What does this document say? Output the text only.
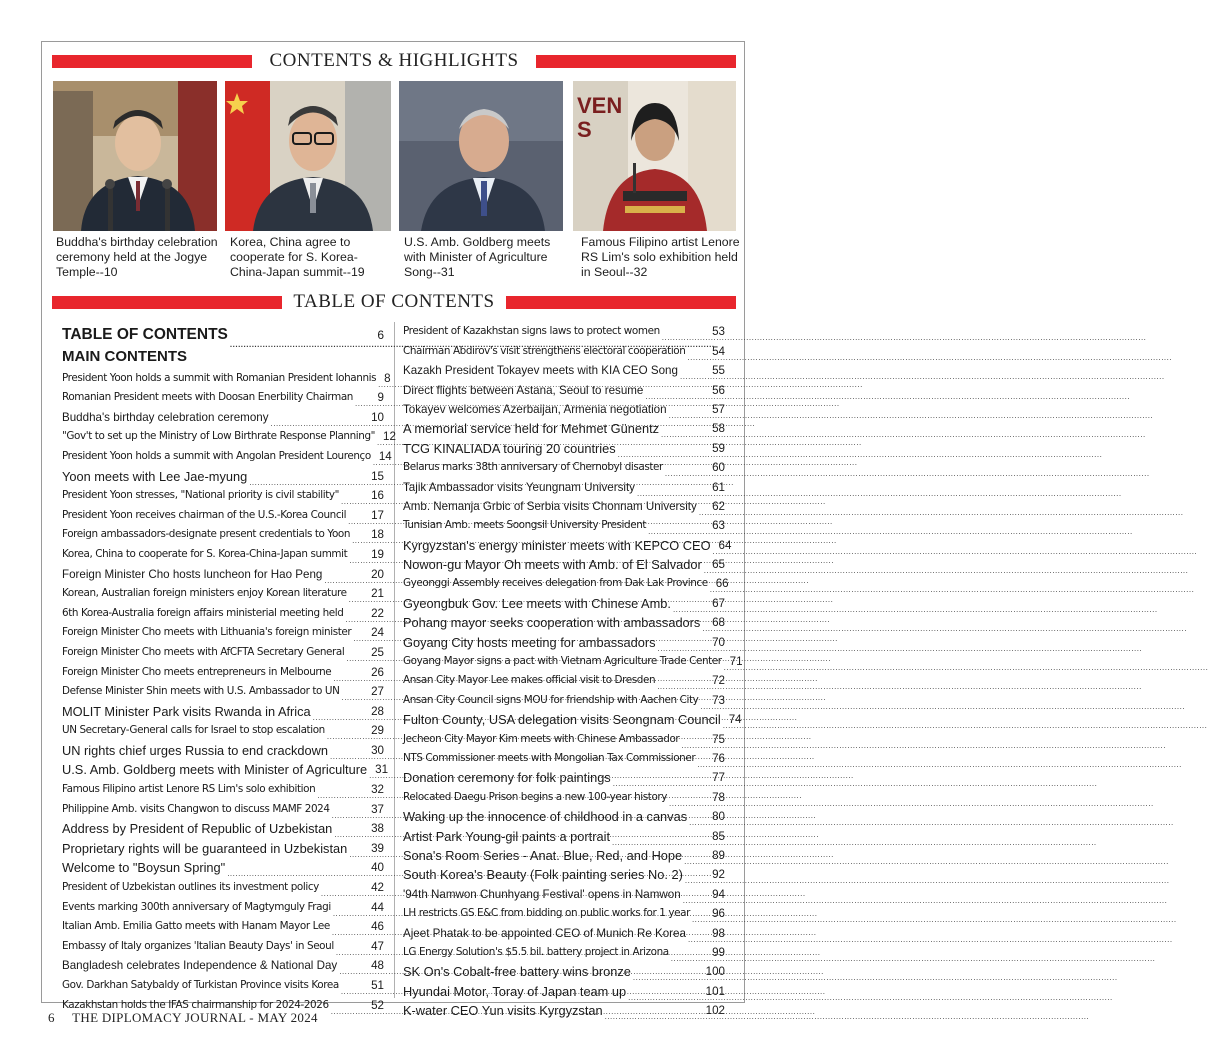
CONTENTS & HIGHLIGHTS
VEN
S
Buddha's birthday celebration ceremony held at the Jogye Temple--10
Korea, China agree to cooperate for S. Korea-China-Japan summit--19
U.S. Amb. Goldberg meets with Minister of Agriculture Song--31
Famous Filipino artist Lenore RS Lim's solo exhibition held in Seoul--32
TABLE OF CONTENTS
TABLE OF CONTENTS .....	6
MAIN CONTENTS
President Yoon holds a summit with Romanian President Iohannis ..... 8
Romanian President meets with Doosan Enerbility Chairman ..... 9
Buddha's birthday celebration ceremony .....	10
"Gov't to set up the Ministry of Low Birthrate Response Planning" ..... 12
President Yoon holds a summit with Angolan President Lourenço ..... 14
Yoon meets with Lee Jae-myung .....	15
President Yoon stresses, "National priority is civil stability" .....	16
President Yoon receives chairman of the U.S.-Korea Council ..... 17
Foreign ambassadors-designate present credentials to Yoon ..... 18
Korea, China to cooperate for S. Korea-China-Japan summit ..... 19
Foreign Minister Cho hosts luncheon for Hao Peng .....	20
Korean, Australian foreign ministers enjoy Korean literature ..... 21
6th Korea-Australia foreign affairs ministerial meeting held ..... 22
Foreign Minister Cho meets with Lithuania's foreign minister ..... 24
Foreign Minister Cho meets with AfCFTA Secretary General ..... 25
Foreign Minister Cho meets entrepreneurs in Melbourne .....	26
Defense Minister Shin meets with U.S. Ambassador to UN .....	27
MOLIT Minister Park visits Rwanda in Africa .....	28
UN Secretary-General calls for Israel to stop escalation .....	29
UN rights chief urges Russia to end crackdown .....	30
U.S. Amb. Goldberg meets with Minister of Agriculture ..... 31
Famous Filipino artist Lenore RS Lim's solo exhibition .....	32
Philippine Amb. visits Changwon to discuss MAMF 2024 .....	37
Address by President of Republic of Uzbekistan .....	38
Proprietary rights will be guaranteed in Uzbekistan ..... 39
Welcome to "Boysun Spring" .....	40
President of Uzbekistan outlines its investment policy .....	42
Events marking 300th anniversary of Magtymguly Fragi .....	44
Italian Amb. Emilia Gatto meets with Hanam Mayor Lee .....	46
Embassy of Italy organizes 'Italian Beauty Days' in Seoul .....	47
Bangladesh celebrates Independence & National Day .....	48
Gov. Darkhan Satybaldy of Turkistan Province visits Korea .....	51
Kazakhstan holds the IFAS chairmanship for 2024-2026 .....	52
President of Kazakhstan signs laws to protect women .....	53
Chairman Abdirov's visit strengthens electoral cooperation ..... 54
Kazakh President Tokayev meets with KIA CEO Song .....	55
Direct flights between Astana, Seoul to resume .....	56
Tokayev welcomes Azerbaijan, Armenia negotiation .....	57
A memorial service held for Mehmet Günentz .....	58
TCG KINALIADA touring 20 countries .....	59
Belarus marks 38th anniversary of Chernobyl disaster .....	60
Tajik Ambassador visits Yeungnam University .....	61
Amb. Nemanja Grbic of Serbia visits Chonnam University ..... 62
Tunisian Amb. meets Soongsil University President .....	63
Kyrgyzstan's energy minister meets with KEPCO CEO ..... 64
Nowon-gu Mayor Oh meets with Amb. of El Salvador ..... 65
Gyeonggi Assembly receives delegation from Dak Lak Province ..... 66
Gyeongbuk Gov. Lee meets with Chinese Amb. .....	67
Pohang mayor seeks cooperation with ambassadors ..... 68
Goyang City hosts meeting for ambassadors .....	70
Goyang Mayor signs a pact with Vietnam Agriculture Trade Center ..... 71
Ansan City Mayor Lee makes official visit to Dresden .....	72
Ansan City Council signs MOU for friendship with Aachen City ..... 73
Fulton County, USA delegation visits Seongnam Council ..... 74
Jecheon City Mayor Kim meets with Chinese Ambassador .....	75
NTS Commissioner meets with Mongolian Tax Commissioner ..... 76
Donation ceremony for folk paintings .....	77
Relocated Daegu Prison begins a new 100-year history .....	78
Waking up the innocence of childhood in a canvas ..... 80
Artist Park Young-gil paints a portrait .....	85
Sona's Room Series - Anat. Blue, Red, and Hope .....	89
South Korea's Beauty (Folk painting series No. 2) .....	92
'94th Namwon Chunhyang Festival' opens in Namwon .....	94
LH restricts GS E&C from bidding on public works for 1 year ..... 96
Ajeet Phatak to be appointed CEO of Munich Re Korea ..... 98
LG Energy Solution's $5.5 bil. battery project in Arizona .....	99
SK On's Cobalt-free battery wins bronze .....	100
Hyundai Motor, Toray of Japan team up .....	101
K-water CEO Yun visits Kyrgyzstan .....	102
6 THE DIPLOMACY JOURNAL - MAY 2024
